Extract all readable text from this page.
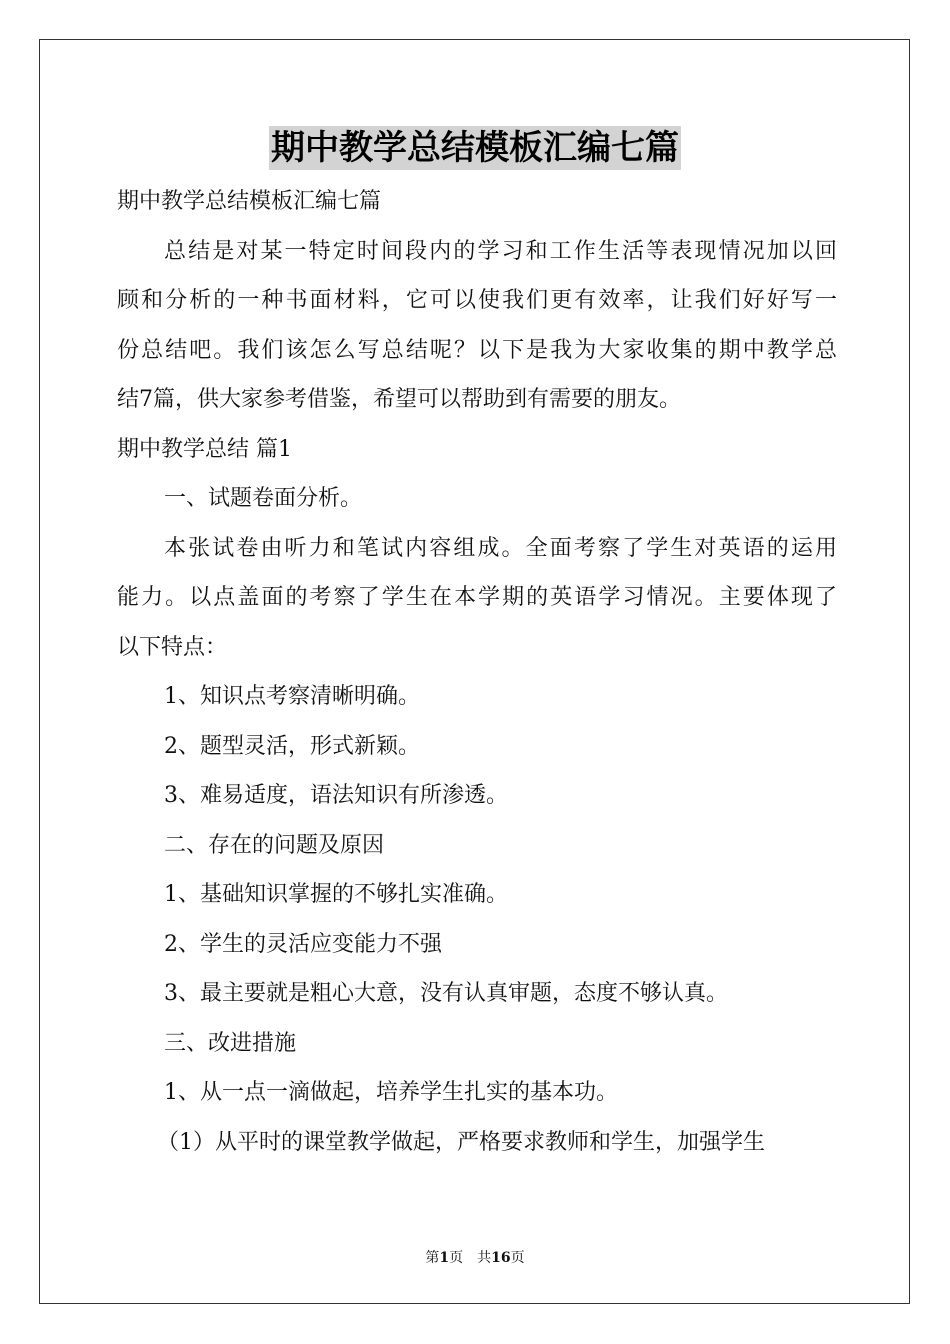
期中教学总结模板汇编七篇

期中教学总结模板汇编七篇

总结是对某一特定时间段内的学习和工作生活等表现情况加以回

顾和分析的一种书面材料，它可以使我们更有效率，让我们好好写一

份总结吧。我们该怎么写总结呢？以下是我为大家收集的期中教学总

结7篇，供大家参考借鉴，希望可以帮助到有需要的朋友。

期中教学总结 篇1

一、试题卷面分析。

本张试卷由听力和笔试内容组成。全面考察了学生对英语的运用

能力。以点盖面的考察了学生在本学期的英语学习情况。主要体现了

以下特点：

1、知识点考察清晰明确。

2、题型灵活，形式新颖。

3、难易适度，语法知识有所渗透。

二、存在的问题及原因

1、基础知识掌握的不够扎实准确。

2、学生的灵活应变能力不强

3、最主要就是粗心大意，没有认真审题，态度不够认真。

三、改进措施

1、从一点一滴做起，培养学生扎实的基本功。

（1）从平时的课堂教学做起，严格要求教师和学生，加强学生

第1页　共16页
